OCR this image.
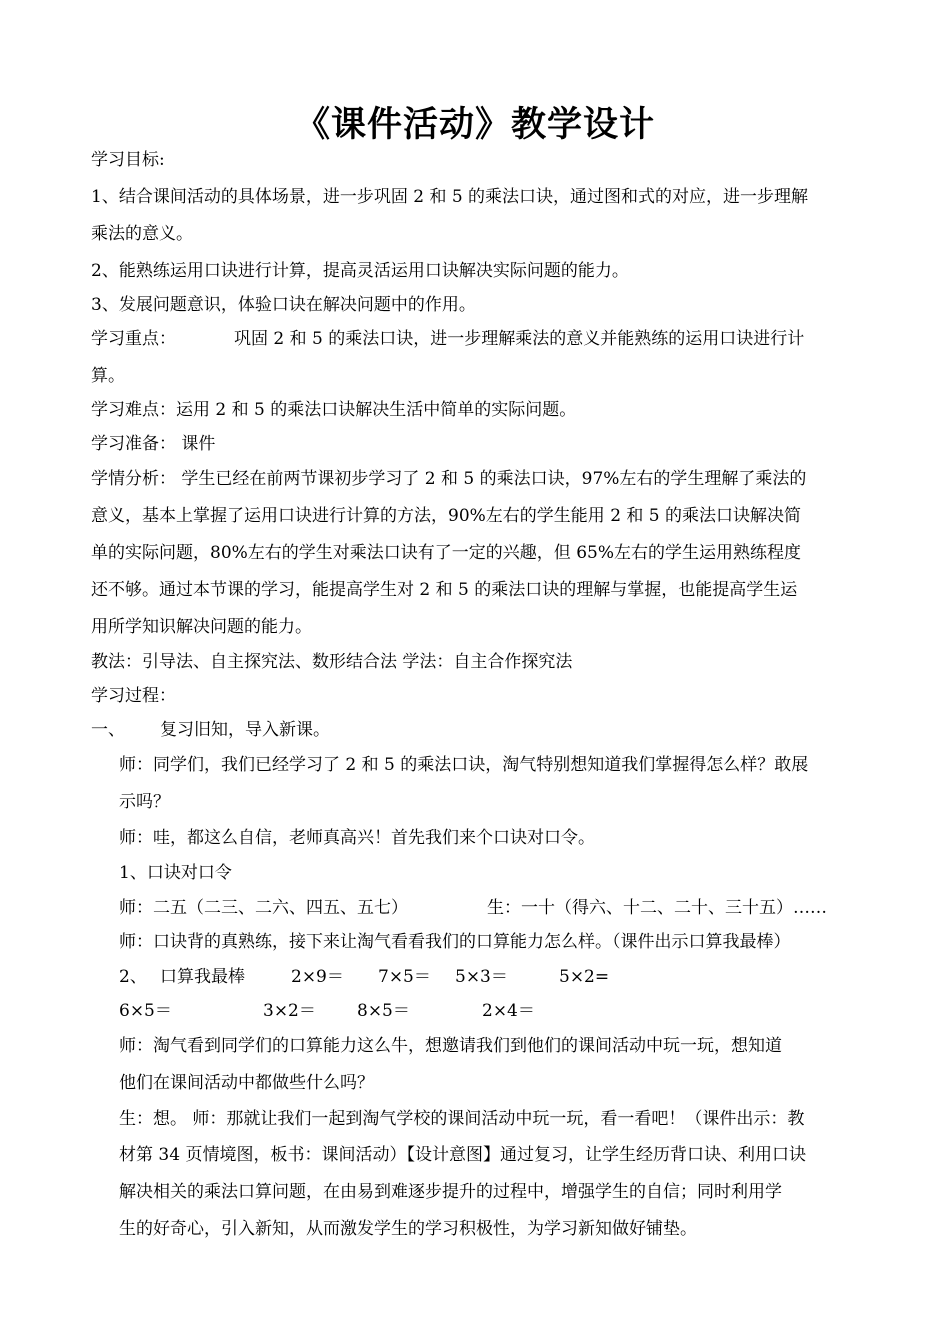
《课件活动》教学设计
学习目标:
1、结合课间活动的具体场景，进一步巩固 2 和 5 的乘法口诀，通过图和式的对应，进一步理解
乘法的意义。
2、能熟练运用口诀进行计算，提高灵活运用口诀解决实际问题的能力。
3、发展问题意识，体验口诀在解决问题中的作用。
学习重点：	巩固 2 和 5 的乘法口诀，进一步理解乘法的意义并能熟练的运用口诀进行计
算。
学习难点：运用 2 和 5 的乘法口诀解决生活中简单的实际问题。
学习准备： 课件
学情分析： 学生已经在前两节课初步学习了 2 和 5 的乘法口诀，97%左右的学生理解了乘法的
意义，基本上掌握了运用口诀进行计算的方法，90%左右的学生能用 2 和 5 的乘法口诀解决简
单的实际问题，80%左右的学生对乘法口诀有了一定的兴趣，但 65%左右的学生运用熟练程度
还不够。通过本节课的学习，能提高学生对 2 和 5 的乘法口诀的理解与掌握，也能提高学生运
用所学知识解决问题的能力。
教法：引导法、自主探究法、数形结合法 学法：自主合作探究法
学习过程：
一、 复习旧知，导入新课。
师：同学们，我们已经学习了 2 和 5 的乘法口诀，淘气特别想知道我们掌握得怎么样？敢展
示吗？
师：哇，都这么自信，老师真高兴！首先我们来个口诀对口令。
1、口诀对口令
师：二五（二三、二六、四五、五七）	生：一十（得六、十二、二十、三十五）……
师：口诀背的真熟练，接下来让淘气看看我们的口算能力怎么样。（课件出示口算我最棒）
2、 口算我最棒	2×9＝ 7×5＝ 5×3＝	5×2=
6×5＝	3×2＝ 8×5＝	2×4＝
师：淘气看到同学们的口算能力这么牛，想邀请我们到他们的课间活动中玩一玩，想知道
他们在课间活动中都做些什么吗？
生：想。 师：那就让我们一起到淘气学校的课间活动中玩一玩，看一看吧！（课件出示：教
材第 34 页情境图，板书：课间活动）【设计意图】通过复习，让学生经历背口诀、利用口诀
解决相关的乘法口算问题，在由易到难逐步提升的过程中，增强学生的自信；同时利用学
生的好奇心，引入新知，从而激发学生的学习积极性，为学习新知做好铺垫。
